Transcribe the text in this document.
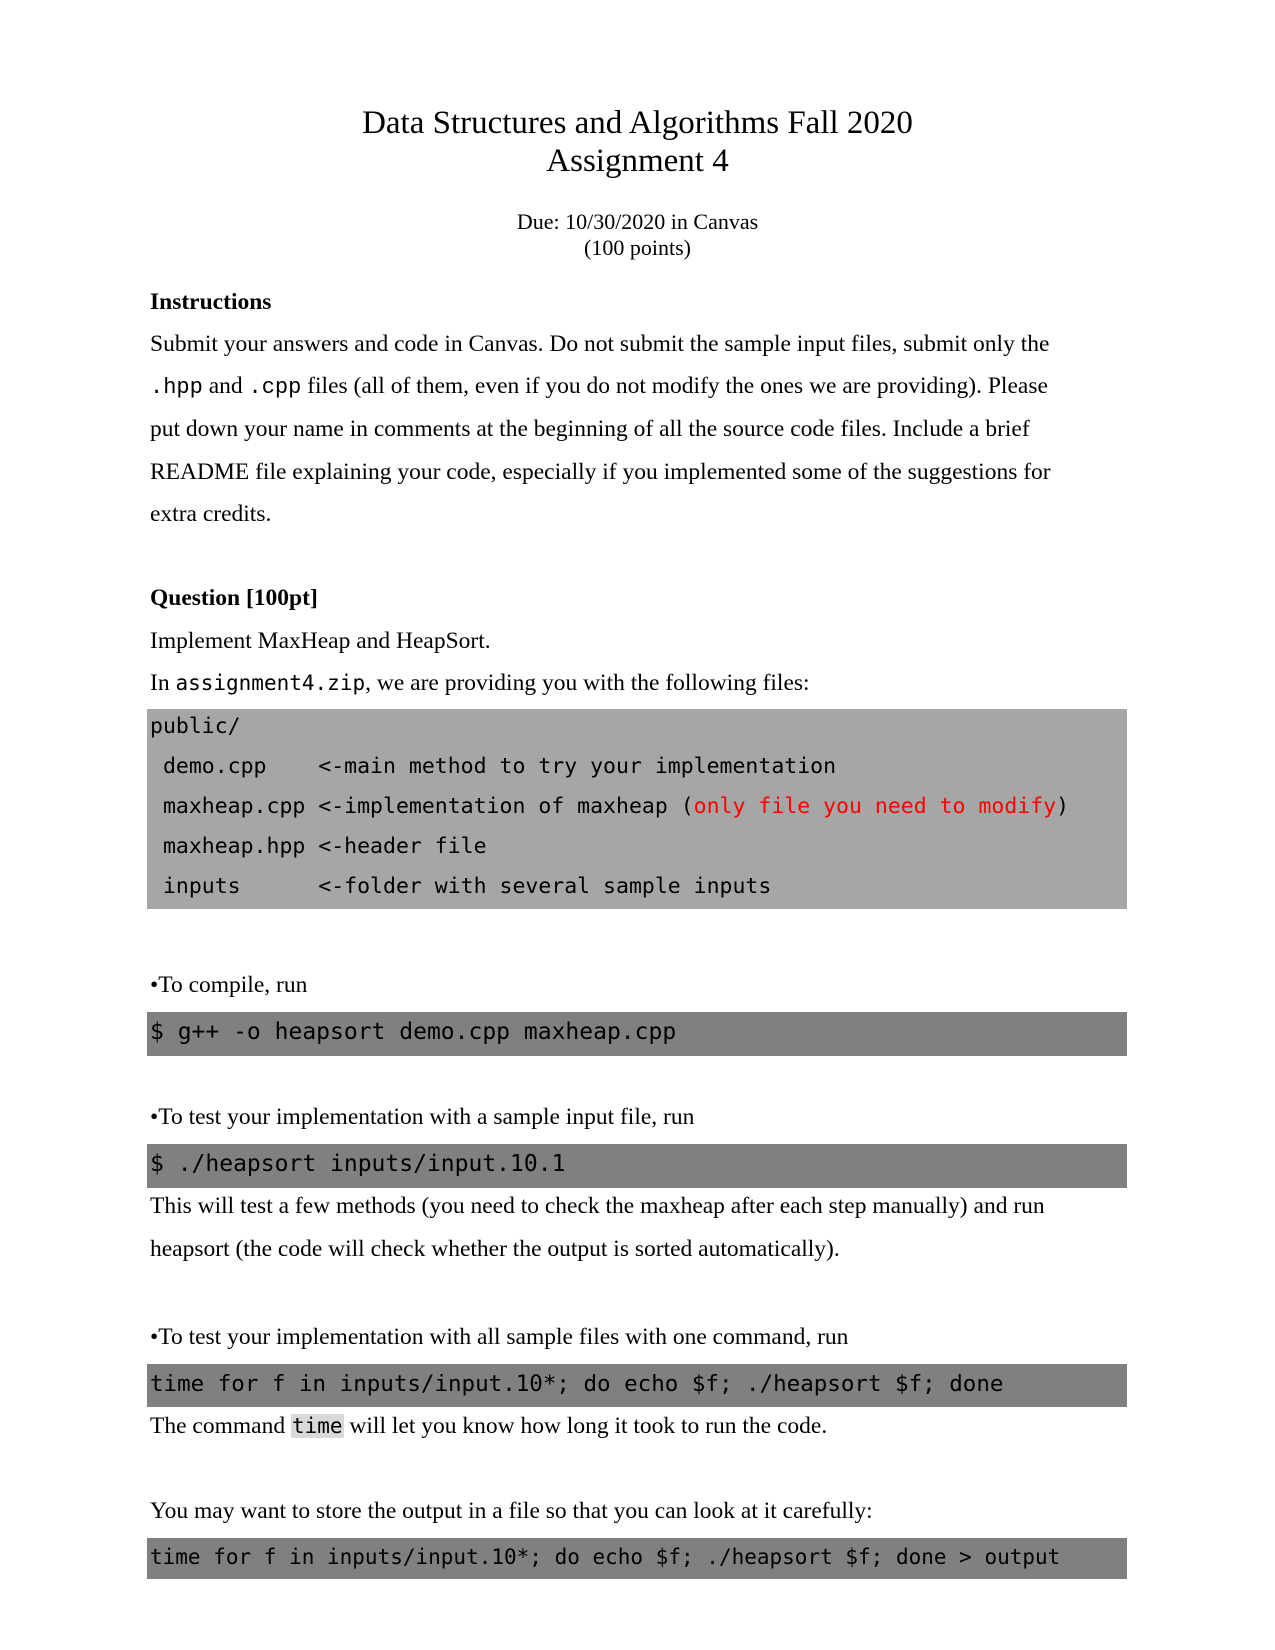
Data Structures and Algorithms Fall 2020
Assignment 4
Due: 10/30/2020 in Canvas
(100 points)
Instructions
Submit your answers and code in Canvas. Do not submit the sample input files, submit only the
.hpp and .cpp files (all of them, even if you do not modify the ones we are providing). Please
put down your name in comments at the beginning of all the source code files. Include a brief
README file explaining your code, especially if you implemented some of the suggestions for
extra credits.
Question [100pt]
Implement MaxHeap and HeapSort.
In assignment4.zip, we are providing you with the following files:
public/
demo.cpp    <-main method to try your implementation
maxheap.cpp <-implementation of maxheap (only file you need to modify)
maxheap.hpp <-header file
inputs      <-folder with several sample inputs
•To compile, run
$ g++ -o heapsort demo.cpp maxheap.cpp
•To test your implementation with a sample input file, run
$ ./heapsort inputs/input.10.1
This will test a few methods (you need to check the maxheap after each step manually) and run
heapsort (the code will check whether the output is sorted automatically).
•To test your implementation with all sample files with one command, run
time for f in inputs/input.10*; do echo $f; ./heapsort $f; done
The command time will let you know how long it took to run the code.
You may want to store the output in a file so that you can look at it carefully:
time for f in inputs/input.10*; do echo $f; ./heapsort $f; done > output
